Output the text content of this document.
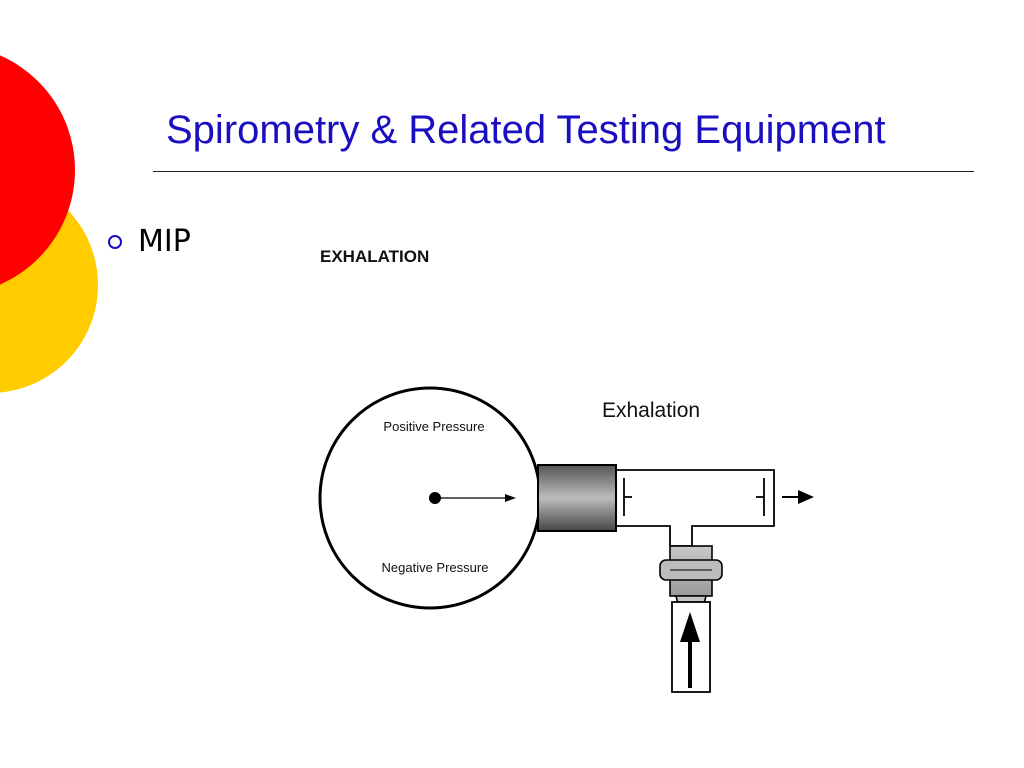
Spirometry & Related Testing Equipment
MIP	EXHALATION
Positive Pressure
Negative Pressure
Exhalation
